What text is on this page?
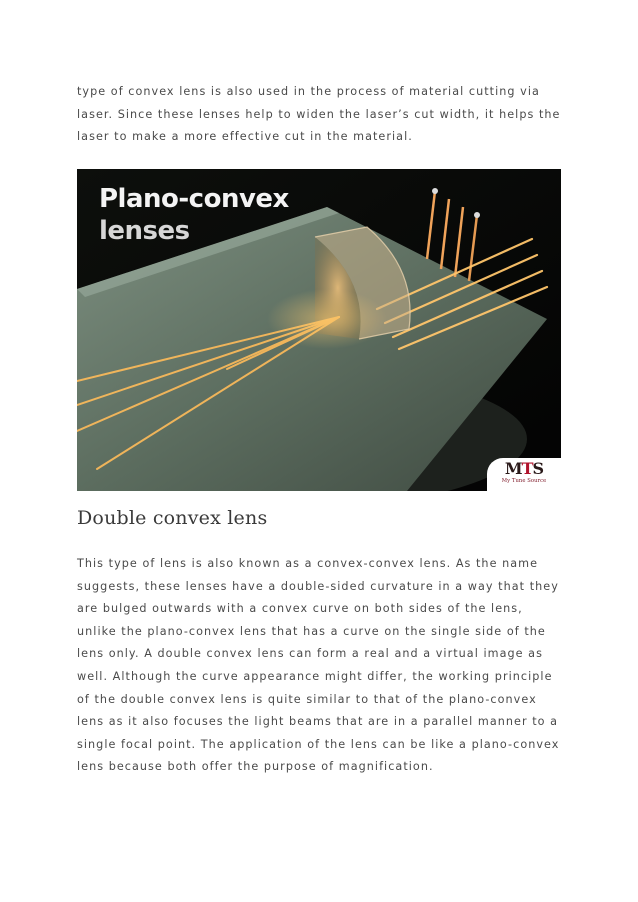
type of convex lens is also used in the process of material cutting via laser. Since these lenses help to widen the laser’s cut width, it helps the laser to make a more effective cut in the material.

Plano-convex
lenses
MTS
My Tune Source
Double convex lens

This type of lens is also known as a convex-convex lens. As the name suggests, these lenses have a double-sided curvature in a way that they are bulged outwards with a convex curve on both sides of the lens, unlike the plano-convex lens that has a curve on the single side of the lens only. A double convex lens can form a real and a virtual image as well. Although the curve appearance might differ, the working principle of the double convex lens is quite similar to that of the plano-convex lens as it also focuses the light beams that are in a parallel manner to a single focal point. The application of the lens can be like a plano-convex lens because both offer the purpose of magnification.
